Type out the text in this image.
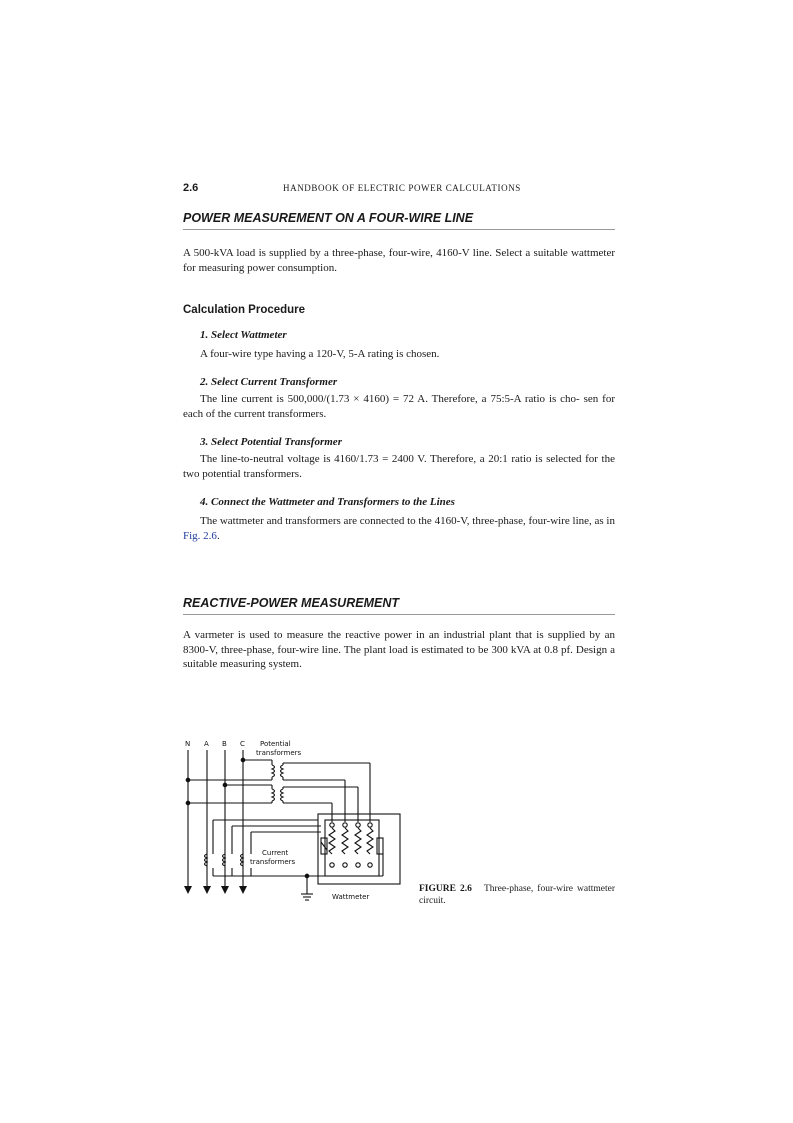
2.6	HANDBOOK OF ELECTRIC POWER CALCULATIONS
POWER MEASUREMENT ON A FOUR-WIRE LINE
A 500-kVA load is supplied by a three-phase, four-wire, 4160-V line. Select a suitable wattmeter for measuring power consumption.
Calculation Procedure
1. Select Wattmeter
A four-wire type having a 120-V, 5-A rating is chosen.
2. Select Current Transformer
The line current is 500,000/(1.73 × 4160) = 72 A. Therefore, a 75:5-A ratio is cho- sen for each of the current transformers.
3. Select Potential Transformer
The line-to-neutral voltage is 4160/1.73 = 2400 V. Therefore, a 20:1 ratio is selected for the two potential transformers.
4. Connect the Wattmeter and Transformers to the Lines
The wattmeter and transformers are connected to the 4160-V, three-phase, four-wire line, as in Fig. 2.6.
REACTIVE-POWER MEASUREMENT
A varmeter is used to measure the reactive power in an industrial plant that is supplied by an 8300-V, three-phase, four-wire line. The plant load is estimated to be 300 kVA at 0.8 pf. Design a suitable measuring system.
N A B C Potential
transformers
Current
transformers
Wattmeter
FIGURE 2.6 Three-phase, four-wire wattmeter circuit.
